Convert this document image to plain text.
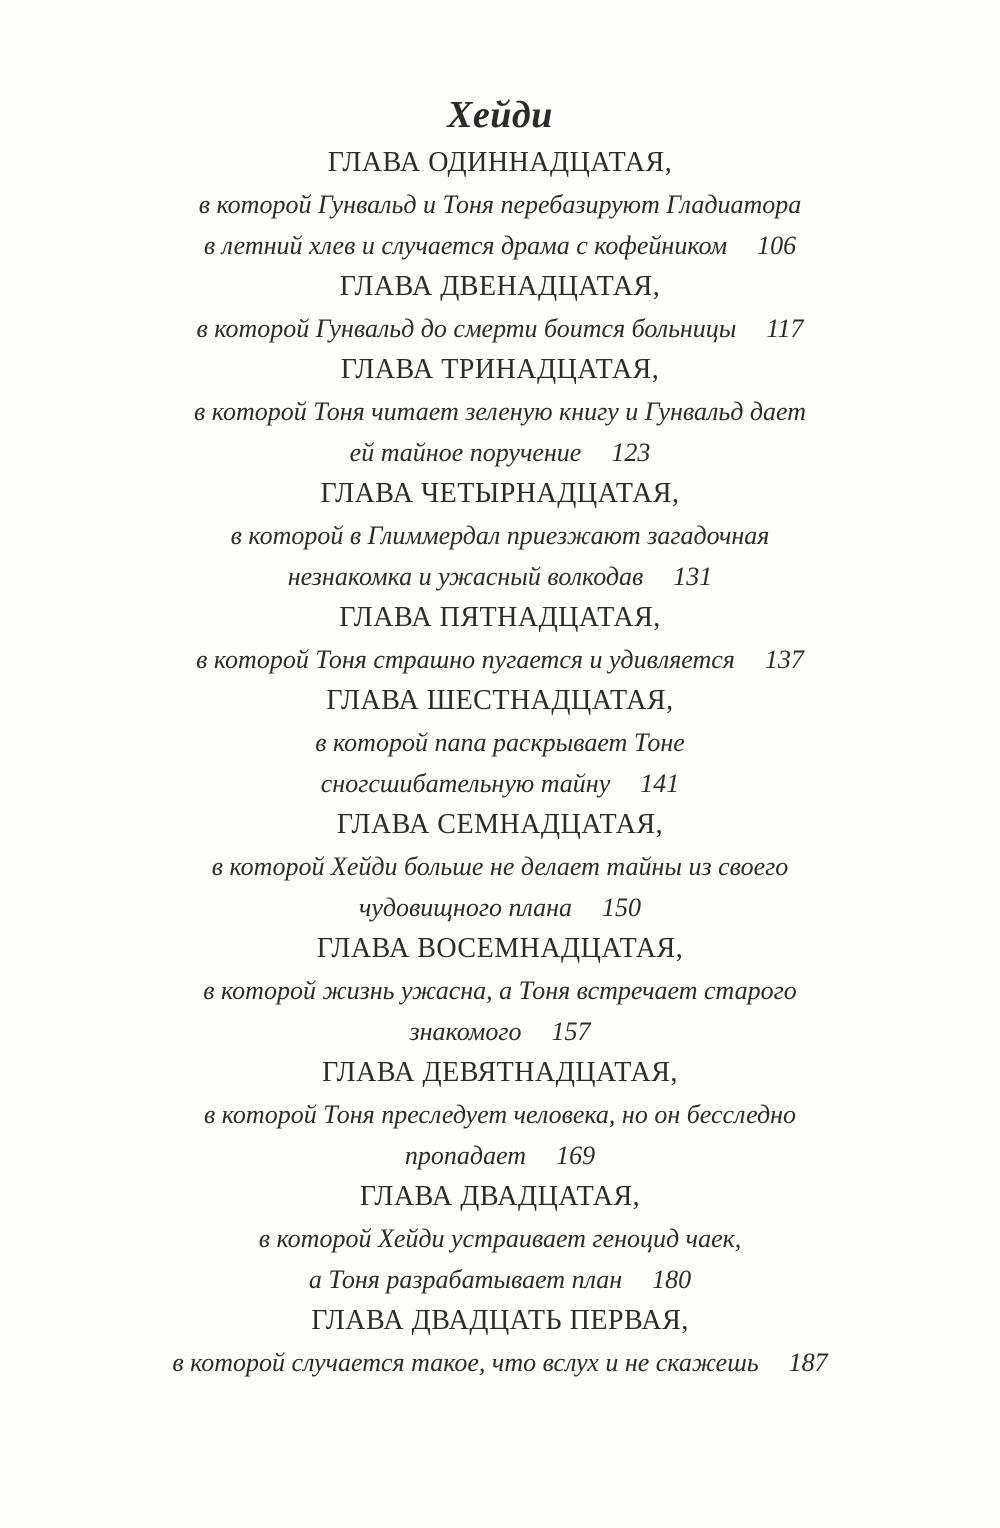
Хейди
ГЛАВА ОДИННАДЦАТАЯ,
в которой Гунвальд и Тоня перебазируют Гладиатора
в летний хлев и случается драма с кофейником 106
ГЛАВА ДВЕНАДЦАТАЯ,
в которой Гунвальд до смерти боится больницы 117
ГЛАВА ТРИНАДЦАТАЯ,
в которой Тоня читает зеленую книгу и Гунвальд дает
ей тайное поручение 123
ГЛАВА ЧЕТЫРНАДЦАТАЯ,
в которой в Глиммердал приезжают загадочная
незнакомка и ужасный волкодав 131
ГЛАВА ПЯТНАДЦАТАЯ,
в которой Тоня страшно пугается и удивляется 137
ГЛАВА ШЕСТНАДЦАТАЯ,
в которой папа раскрывает Тоне
сногсшибательную тайну 141
ГЛАВА СЕМНАДЦАТАЯ,
в которой Хейди больше не делает тайны из своего
чудовищного плана 150
ГЛАВА ВОСЕМНАДЦАТАЯ,
в которой жизнь ужасна, а Тоня встречает старого
знакомого 157
ГЛАВА ДЕВЯТНАДЦАТАЯ,
в которой Тоня преследует человека, но он бесследно
пропадает 169
ГЛАВА ДВАДЦАТАЯ,
в которой Хейди устраивает геноцид чаек,
а Тоня разрабатывает план 180
ГЛАВА ДВАДЦАТЬ ПЕРВАЯ,
в которой случается такое, что вслух и не скажешь 187
